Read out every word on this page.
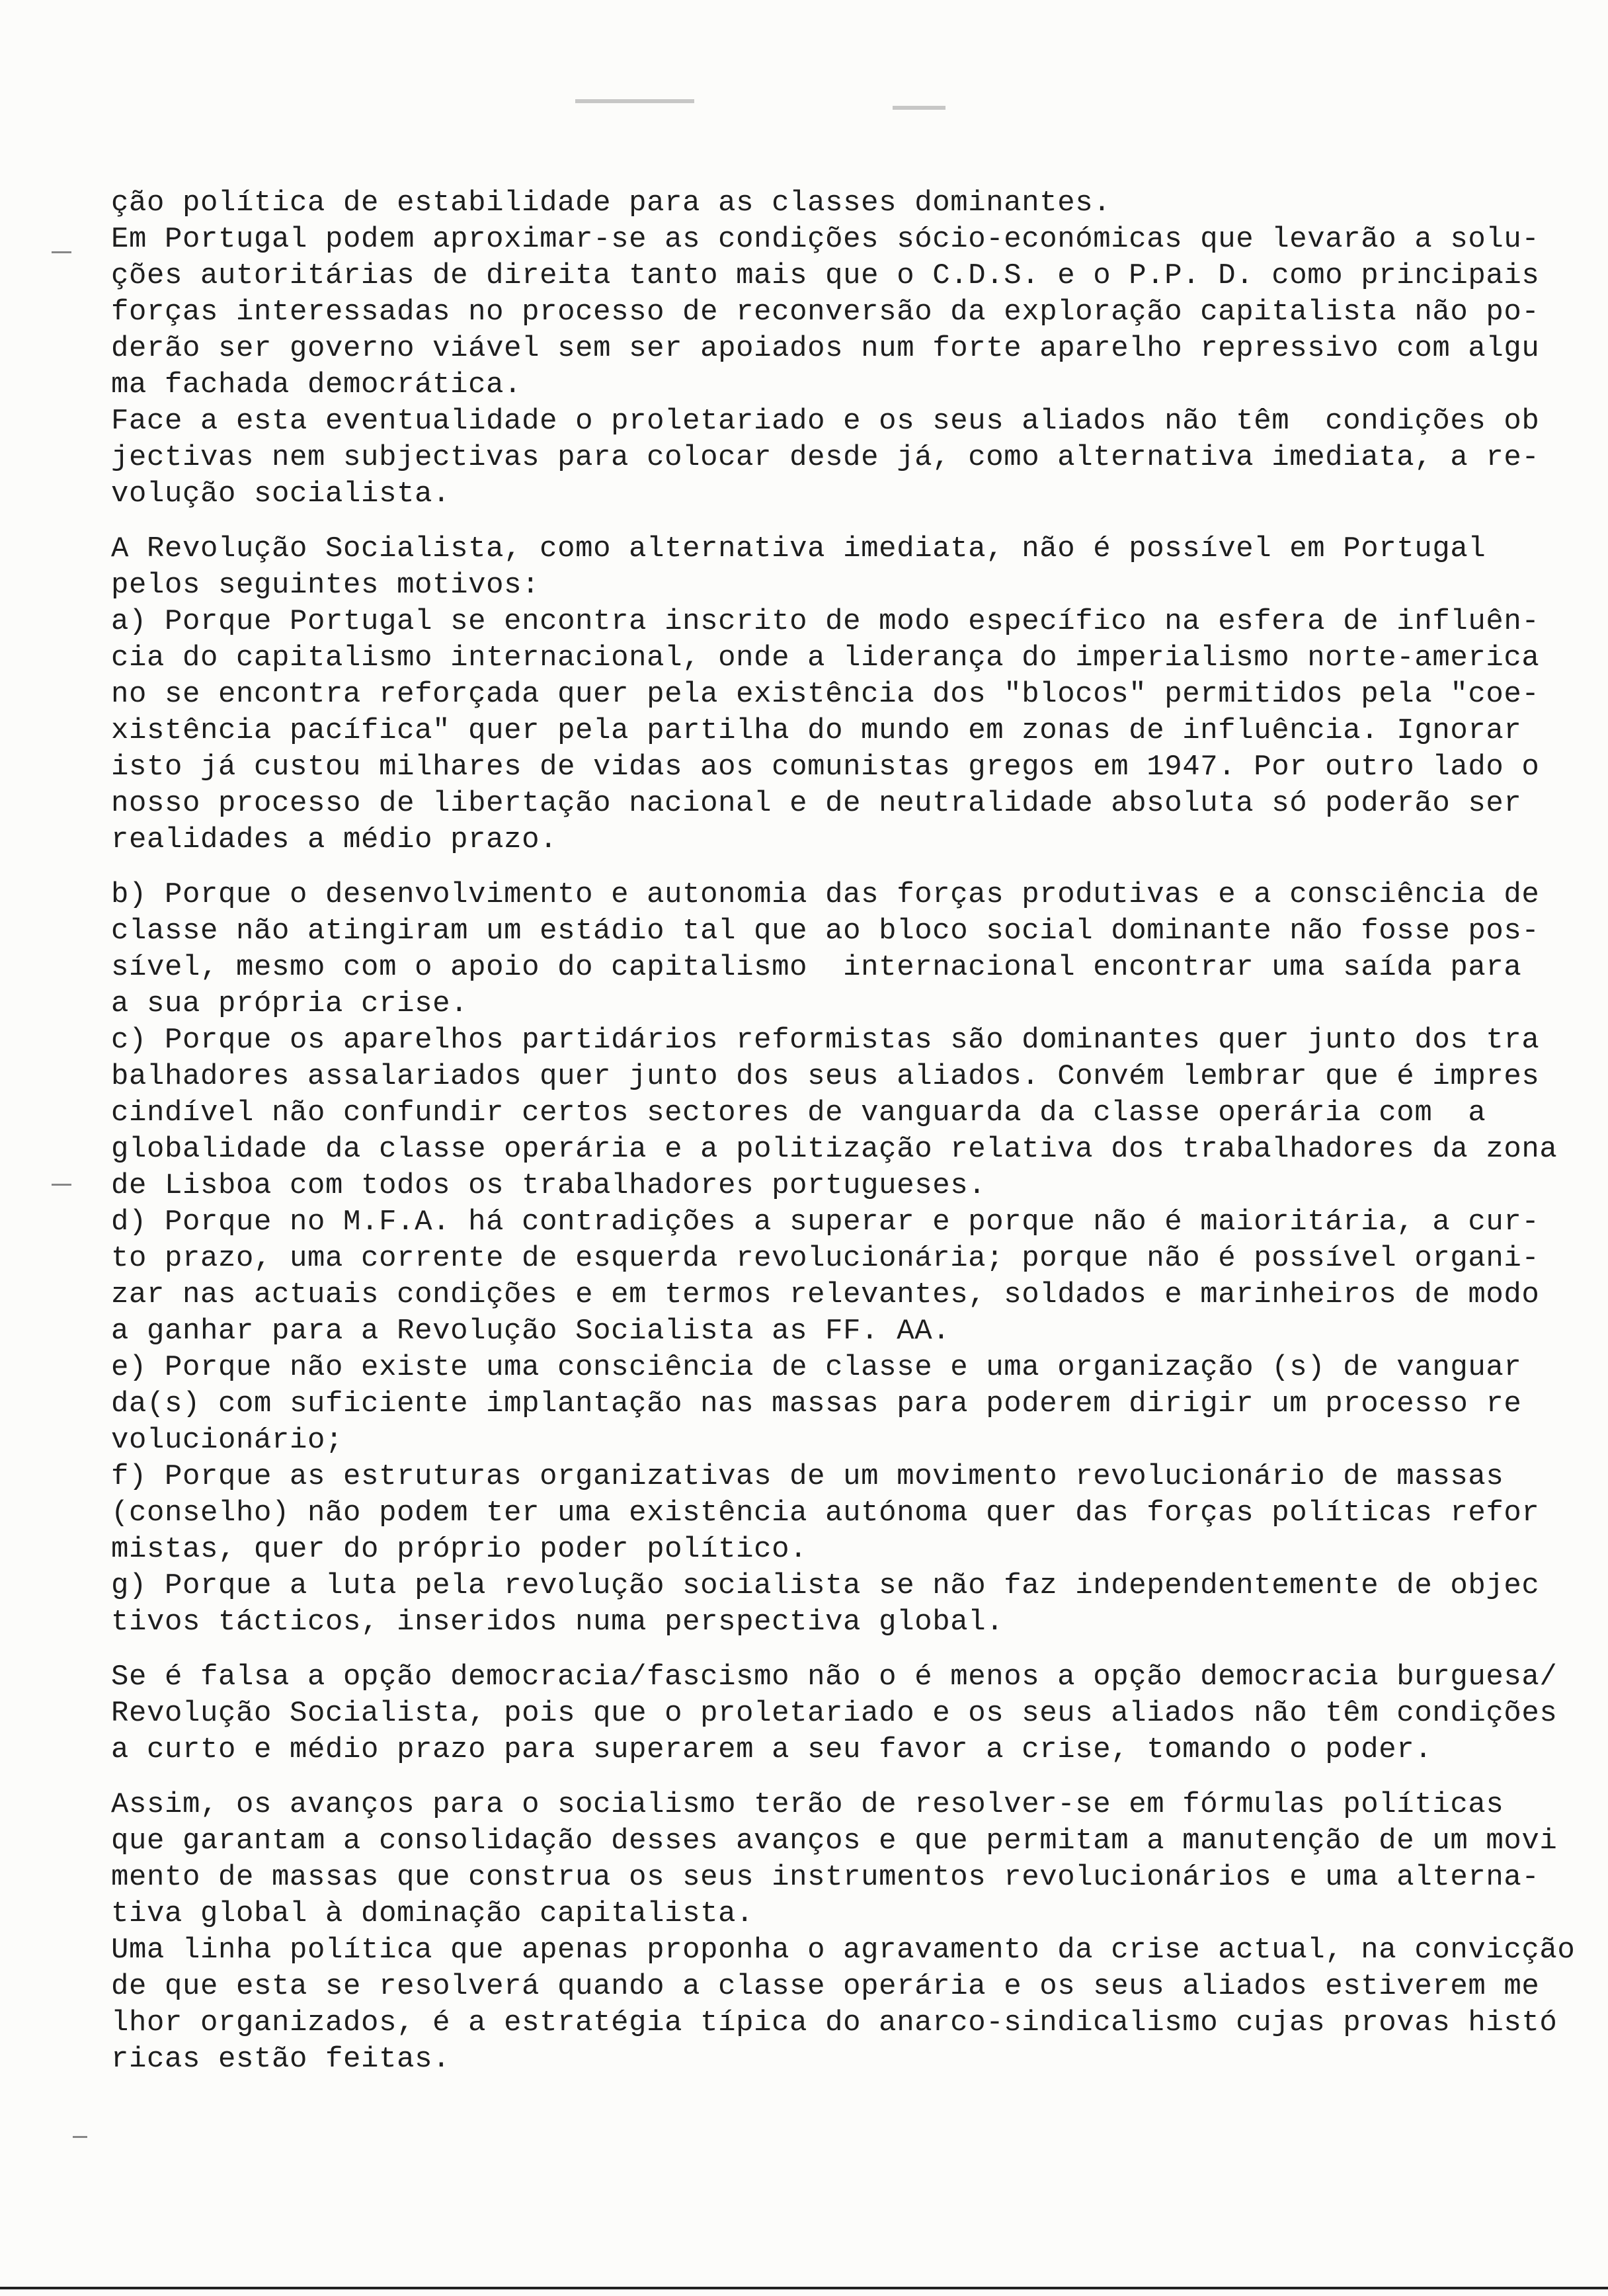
ção política de estabilidade para as classes dominantes.
Em Portugal podem aproximar-se as condições sócio-económicas que levarão a solu-
ções autoritárias de direita tanto mais que o C.D.S. e o P.P. D. como principais
forças interessadas no processo de reconversão da exploração capitalista não po-
derão ser governo viável sem ser apoiados num forte aparelho repressivo com algu
ma fachada democrática.
Face a esta eventualidade o proletariado e os seus aliados não têm  condições ob
jectivas nem subjectivas para colocar desde já, como alternativa imediata, a re-
volução socialista.
A Revolução Socialista, como alternativa imediata, não é possível em Portugal
pelos seguintes motivos:
a) Porque Portugal se encontra inscrito de modo específico na esfera de influên-
cia do capitalismo internacional, onde a liderança do imperialismo norte-america
no se encontra reforçada quer pela existência dos "blocos" permitidos pela "coe-
xistência pacífica" quer pela partilha do mundo em zonas de influência. Ignorar
isto já custou milhares de vidas aos comunistas gregos em 1947. Por outro lado o
nosso processo de libertação nacional e de neutralidade absoluta só poderão ser
realidades a médio prazo.
b) Porque o desenvolvimento e autonomia das forças produtivas e a consciência de
classe não atingiram um estádio tal que ao bloco social dominante não fosse pos-
sível, mesmo com o apoio do capitalismo  internacional encontrar uma saída para
a sua própria crise.
c) Porque os aparelhos partidários reformistas são dominantes quer junto dos tra
balhadores assalariados quer junto dos seus aliados. Convém lembrar que é impres
cindível não confundir certos sectores de vanguarda da classe operária com  a
globalidade da classe operária e a politização relativa dos trabalhadores da zona
de Lisboa com todos os trabalhadores portugueses.
d) Porque no M.F.A. há contradições a superar e porque não é maioritária, a cur-
to prazo, uma corrente de esquerda revolucionária; porque não é possível organi-
zar nas actuais condições e em termos relevantes, soldados e marinheiros de modo
a ganhar para a Revolução Socialista as FF. AA.
e) Porque não existe uma consciência de classe e uma organização (s) de vanguar
da(s) com suficiente implantação nas massas para poderem dirigir um processo re
volucionário;
f) Porque as estruturas organizativas de um movimento revolucionário de massas
(conselho) não podem ter uma existência autónoma quer das forças políticas refor
mistas, quer do próprio poder político.
g) Porque a luta pela revolução socialista se não faz independentemente de objec
tivos tácticos, inseridos numa perspectiva global.
Se é falsa a opção democracia/fascismo não o é menos a opção democracia burguesa/
Revolução Socialista, pois que o proletariado e os seus aliados não têm condições
a curto e médio prazo para superarem a seu favor a crise, tomando o poder.
Assim, os avanços para o socialismo terão de resolver-se em fórmulas políticas
que garantam a consolidação desses avanços e que permitam a manutenção de um movi
mento de massas que construa os seus instrumentos revolucionários e uma alterna-
tiva global à dominação capitalista.
Uma linha política que apenas proponha o agravamento da crise actual, na convicção
de que esta se resolverá quando a classe operária e os seus aliados estiverem me
lhor organizados, é a estratégia típica do anarco-sindicalismo cujas provas histó
ricas estão feitas.
